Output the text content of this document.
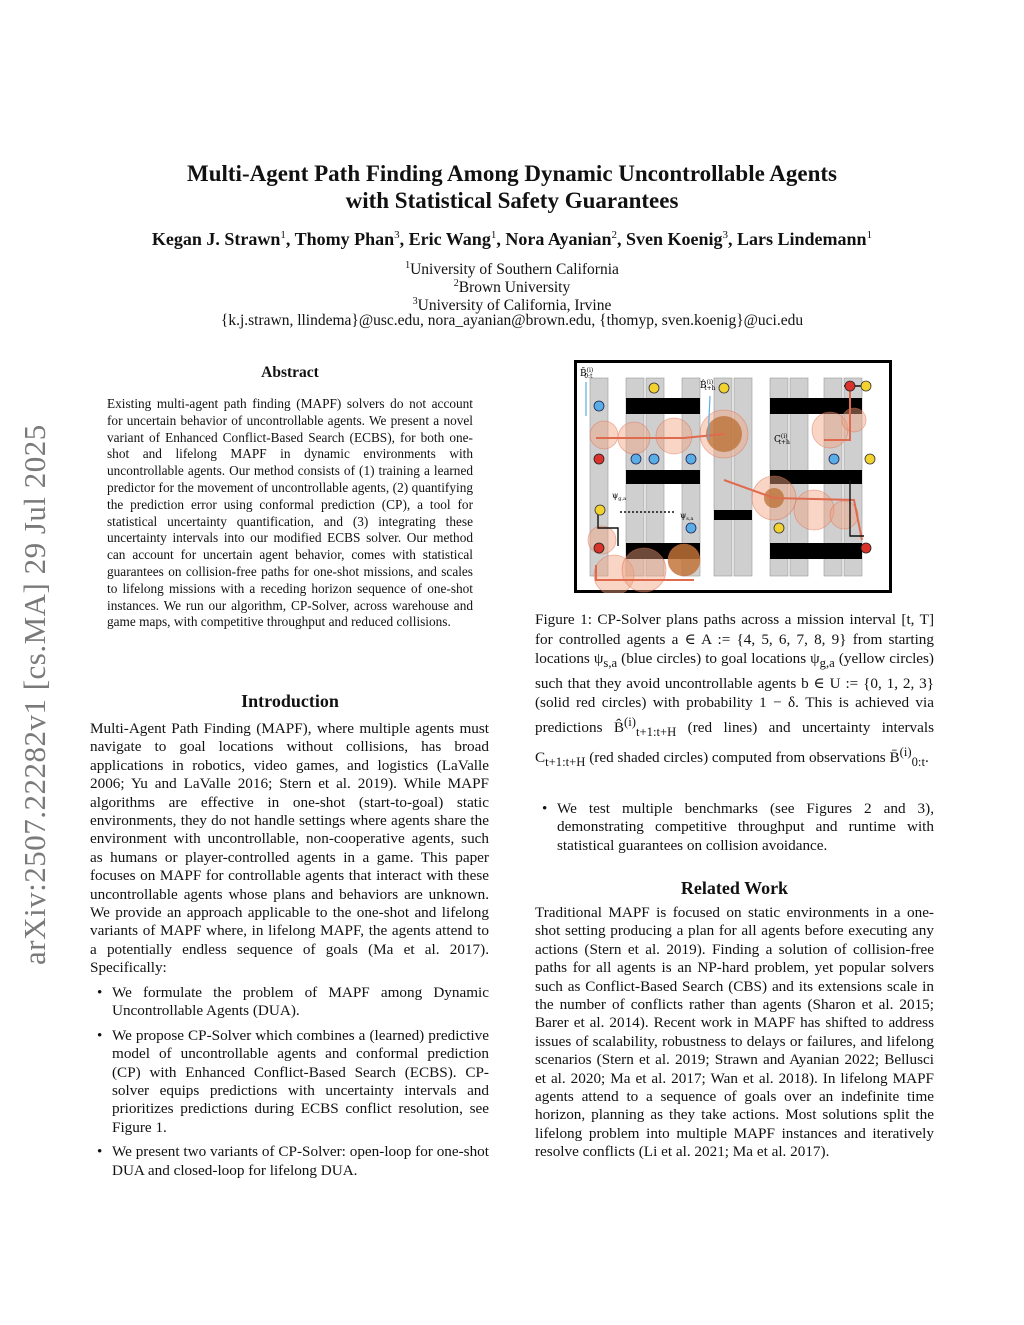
arXiv:2507.22282v1 [cs.MA] 29 Jul 2025
Multi-Agent Path Finding Among Dynamic Uncontrollable Agents
with Statistical Safety Guarantees
Kegan J. Strawn$^1$, Thomy Phan$^3$, Eric Wang$^1$, Nora Ayanian$^2$, Sven Koenig$^3$, Lars Lindemann$^1$
$^1$University of Southern California
$^2$Brown University
$^3$University of California, Irvine
{k.j.strawn, llindema}@usc.edu, nora_ayanian@brown.edu, {thomyp, sven.koenig}@uci.edu
Abstract
Existing multi-agent path finding (MAPF) solvers do not account for uncertain behavior of uncontrollable agents. We present a novel variant of Enhanced Conflict-Based Search (ECBS), for both one-shot and lifelong MAPF in dynamic environments with uncontrollable agents. Our method consists of (1) training a learned predictor for the movement of uncontrollable agents, (2) quantifying the prediction error using conformal prediction (CP), a tool for statistical uncertainty quantification, and (3) integrating these uncertainty intervals into our modified ECBS solver. Our method can account for uncertain agent behavior, comes with statistical guarantees on collision-free paths for one-shot missions, and scales to lifelong missions with a receding horizon sequence of one-shot instances. We run our algorithm, CP-Solver, across warehouse and game maps, with competitive throughput and reduced collisions.
Introduction
Multi-Agent Path Finding (MAPF), where multiple agents must navigate to goal locations without collisions, has broad applications in robotics, video games, and logistics (LaValle 2006; Yu and LaValle 2016; Stern et al. 2019). While MAPF algorithms are effective in one-shot (start-to-goal) static environments, they do not handle settings where agents share the environment with uncontrollable, non-cooperative agents, such as humans or player-controlled agents in a game. This paper focuses on MAPF for controllable agents that interact with these uncontrollable agents whose plans and behaviors are unknown. We provide an approach applicable to the one-shot and lifelong variants of MAPF where, in lifelong MAPF, the agents attend to a potentially endless sequence of goals (Ma et al. 2017). Specifically:
• We formulate the problem of MAPF among Dynamic Uncontrollable Agents (DUA).
• We propose CP-Solver which combines a (learned) predictive model of uncontrollable agents and conformal prediction (CP) with Enhanced Conflict-Based Search (ECBS). CP-solver equips predictions with uncertainty intervals and prioritizes predictions during ECBS conflict resolution, see Figure 1.
• We present two variants of CP-Solver: open-loop for one-shot DUA and closed-loop for lifelong DUA.
B̄$^{(i)}$ 0:t
B̂$^{(i)}$ t+h
$C^{(i)}$ t+h
$\psi_{g,a}$
$\psi_{s,a}$
Figure 1: CP-Solver plans paths across a mission interval [t, T] for controlled agents a ∈ A := {4, 5, 6, 7, 8, 9} from starting locations $\psi_{s,a}$ (blue circles) to goal locations $\psi_{g,a}$ (yellow circles) such that they avoid uncontrollable agents b ∈ U := {0, 1, 2, 3} (solid red circles) with probability 1 − δ. This is achieved via predictions B̂$^{(i)}_{t+1:t+H}$ (red lines) and uncertainty intervals $C_{t+1:t+H}$ (red shaded circles) computed from observations B̄$^{(i)}_{0:t}$.
• We test multiple benchmarks (see Figures 2 and 3), demonstrating competitive throughput and runtime with statistical guarantees on collision avoidance.
Related Work
Traditional MAPF is focused on static environments in a one-shot setting producing a plan for all agents before executing any actions (Stern et al. 2019). Finding a solution of collision-free paths for all agents is an NP-hard problem, yet popular solvers such as Conflict-Based Search (CBS) and its extensions scale in the number of conflicts rather than agents (Sharon et al. 2015; Barer et al. 2014). Recent work in MAPF has shifted to address issues of scalability, robustness to delays or failures, and lifelong scenarios (Stern et al. 2019; Strawn and Ayanian 2022; Bellusci et al. 2020; Ma et al. 2017; Wan et al. 2018). In lifelong MAPF agents attend to a sequence of goals over an indefinite time horizon, planning as they take actions. Most solutions split the lifelong problem into multiple MAPF instances and iteratively resolve conflicts (Li et al. 2021; Ma et al. 2017).
